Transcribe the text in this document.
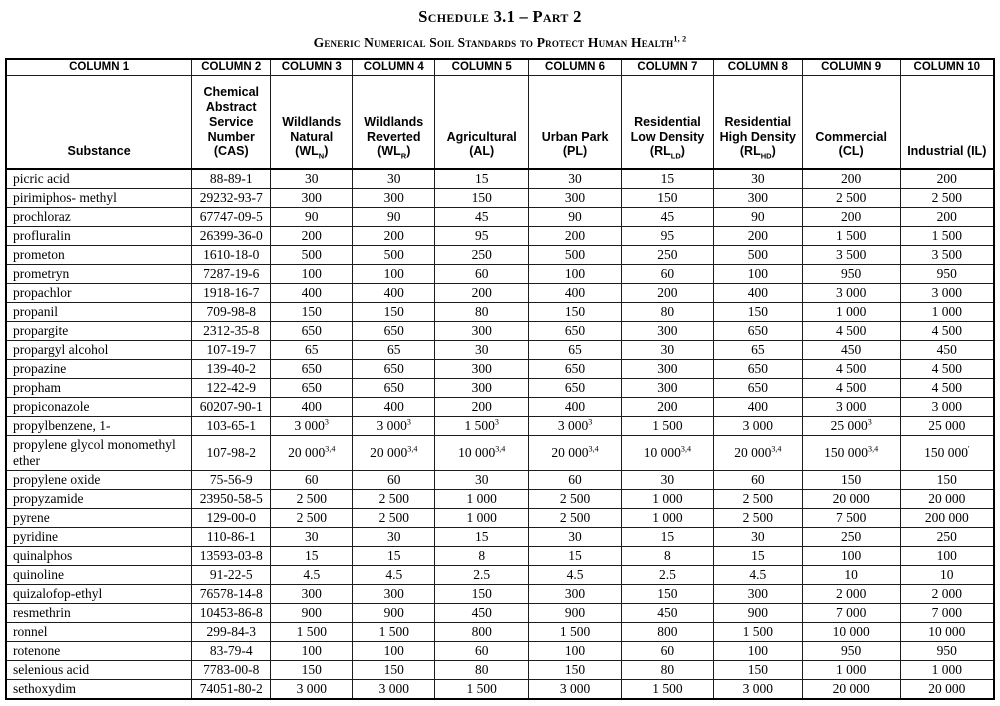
Schedule 3.1 – Part 2
Generic Numerical Soil Standards to Protect Human Health$^{1, 2}$
COLUMN 1	COLUMN 2	COLUMN 3	COLUMN 4	COLUMN 5	COLUMN 6	COLUMN 7	COLUMN 8	COLUMN 9	COLUMN 10
Substance	Chemical Abstract Service Number (CAS)	Wildlands Natural $(WL_N)$	Wildlands Reverted $(WL_R)$	Agricultural (AL)	Urban Park (PL)	Residential Low Density $(RL_{LD})$	Residential High Density $(RL_{HD})$	Commercial (CL)	Industrial (IL)
picric acid	88-89-1	30	30	15	30	15	30	200	200
pirimiphos- methyl	29232-93-7	300	300	150	300	150	300	2 500	2 500
prochloraz	67747-09-5	90	90	45	90	45	90	200	200
profluralin	26399-36-0	200	200	95	200	95	200	1 500	1 500
prometon	1610-18-0	500	500	250	500	250	500	3 500	3 500
prometryn	7287-19-6	100	100	60	100	60	100	950	950
propachlor	1918-16-7	400	400	200	400	200	400	3 000	3 000
propanil	709-98-8	150	150	80	150	80	150	1 000	1 000
propargite	2312-35-8	650	650	300	650	300	650	4 500	4 500
propargyl alcohol	107-19-7	65	65	30	65	30	65	450	450
propazine	139-40-2	650	650	300	650	300	650	4 500	4 500
propham	122-42-9	650	650	300	650	300	650	4 500	4 500
propiconazole	60207-90-1	400	400	200	400	200	400	3 000	3 000
propylbenzene, 1-	103-65-1	3 $000^3$	3 $000^3$	1 $500^3$	3 $000^3$	1 500	3 000	25 $000^3$	25 000
propylene glycol monomethyl ether	107-98-2	20 000$^{3,4}$	20 000$^{3,4}$	10 000$^{3,4}$	20 000$^{3,4}$	10 000$^{3,4}$	20 000$^{3,4}$	150 000$^{3,4}$	150 000'
propylene oxide	75-56-9	60	60	30	60	30	60	150	150
propyzamide	23950-58-5	2 500	2 500	1 000	2 500	1 000	2 500	20 000	20 000
pyrene	129-00-0	2 500	2 500	1 000	2 500	1 000	2 500	7 500	200 000
pyridine	110-86-1	30	30	15	30	15	30	250	250
quinalphos	13593-03-8	15	15	8	15	8	15	100	100
quinoline	91-22-5	4.5	4.5	2.5	4.5	2.5	4.5	10	10
quizalofop-ethyl	76578-14-8	300	300	150	300	150	300	2 000	2 000
resmethrin	10453-86-8	900	900	450	900	450	900	7 000	7 000
ronnel	299-84-3	1 500	1 500	800	1 500	800	1 500	10 000	10 000
rotenone	83-79-4	100	100	60	100	60	100	950	950
selenious acid	7783-00-8	150	150	80	150	80	150	1 000	1 000
sethoxydim	74051-80-2	3 000	3 000	1 500	3 000	1 500	3 000	20 000	20 000
